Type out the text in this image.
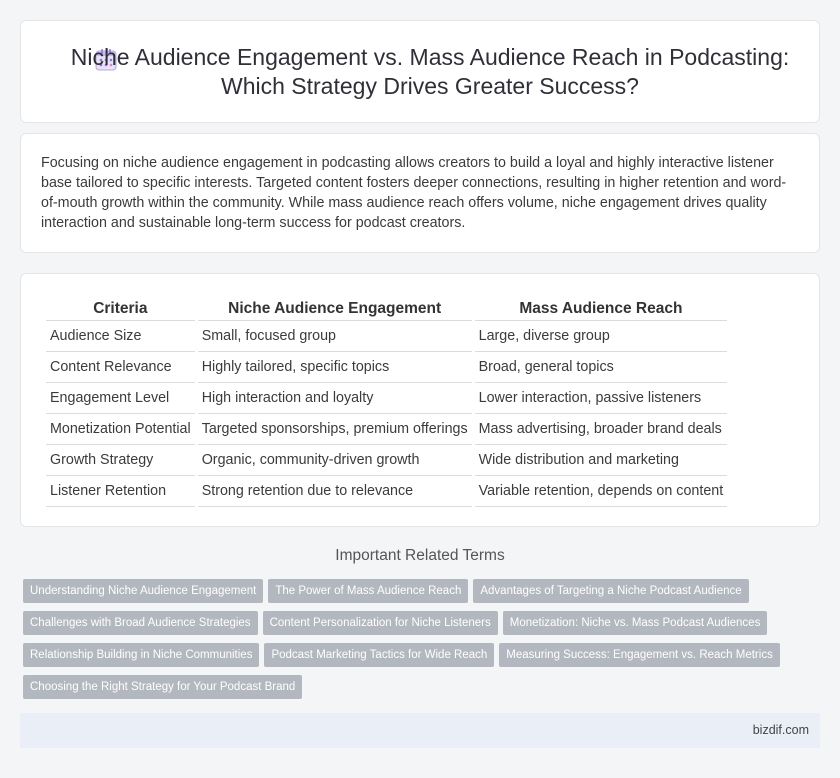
Niche Audience Engagement vs. Mass Audience Reach in Podcasting: Which Strategy Drives Greater Success?

Focusing on niche audience engagement in podcasting allows creators to build a loyal and highly interactive listener base tailored to specific interests. Targeted content fosters deeper connections, resulting in higher retention and word-of-mouth growth within the community. While mass audience reach offers volume, niche engagement drives quality interaction and sustainable long-term success for podcast creators.

Criteria	Niche Audience Engagement	Mass Audience Reach
Audience Size	Small, focused group	Large, diverse group
Content Relevance	Highly tailored, specific topics	Broad, general topics
Engagement Level	High interaction and loyalty	Lower interaction, passive listeners
Monetization Potential	Targeted sponsorships, premium offerings	Mass advertising, broader brand deals
Growth Strategy	Organic, community-driven growth	Wide distribution and marketing
Listener Retention	Strong retention due to relevance	Variable retention, depends on content
Important Related Terms
Understanding Niche Audience Engagement The Power of Mass Audience Reach Advantages of Targeting a Niche Podcast Audience
Challenges with Broad Audience Strategies Content Personalization for Niche Listeners Monetization: Niche vs. Mass Podcast Audiences
Relationship Building in Niche Communities Podcast Marketing Tactics for Wide Reach Measuring Success: Engagement vs. Reach Metrics
Choosing the Right Strategy for Your Podcast Brand
bizdif.com
